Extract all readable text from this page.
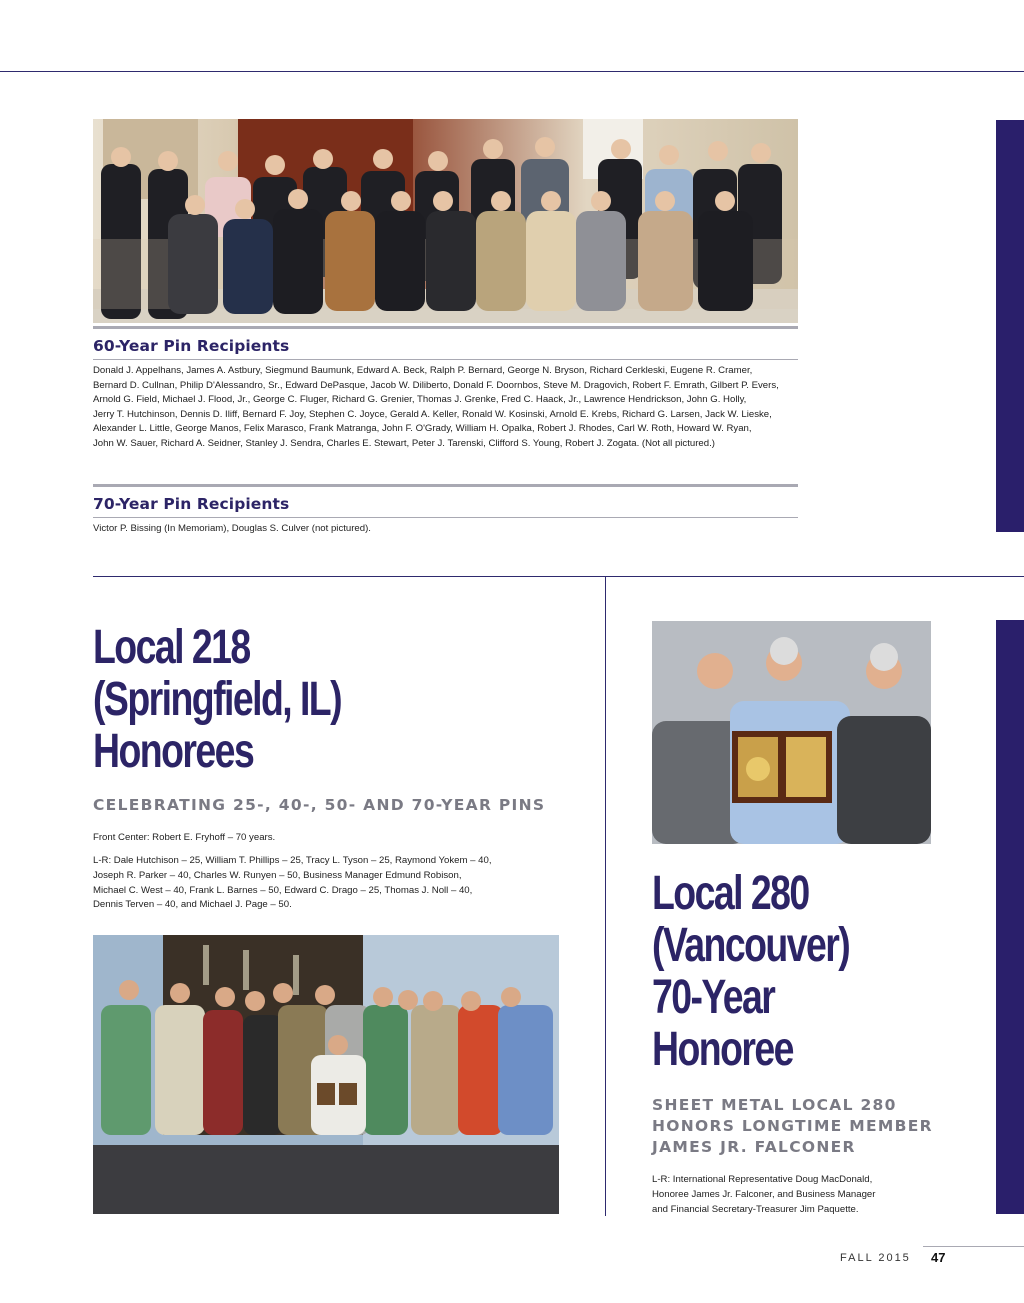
60-Year Pin Recipients
Donald J. Appelhans, James A. Astbury, Siegmund Baumunk, Edward A. Beck, Ralph P. Bernard, George N. Bryson, Richard Cerkleski, Eugene R. Cramer,
Bernard D. Cullnan, Philip D'Alessandro, Sr., Edward DePasque, Jacob W. Diliberto, Donald F. Doornbos, Steve M. Dragovich, Robert F. Emrath, Gilbert P. Evers,
Arnold G. Field, Michael J. Flood, Jr., George C. Fluger, Richard G. Grenier, Thomas J. Grenke, Fred C. Haack, Jr., Lawrence Hendrickson, John G. Holly,
Jerry T. Hutchinson, Dennis D. Iliff, Bernard F. Joy, Stephen C. Joyce, Gerald A. Keller, Ronald W. Kosinski, Arnold E. Krebs, Richard G. Larsen, Jack W. Lieske,
Alexander L. Little, George Manos, Felix Marasco, Frank Matranga, John F. O'Grady, William H. Opalka, Robert J. Rhodes, Carl W. Roth, Howard W. Ryan,
John W. Sauer, Richard A. Seidner, Stanley J. Sendra, Charles E. Stewart, Peter J. Tarenski, Clifford S. Young, Robert J. Zogata. (Not all pictured.)
70-Year Pin Recipients
Victor P. Bissing (In Memoriam), Douglas S. Culver (not pictured).
Local 218
(Springfield, IL)
Honorees
CELEBRATING 25-, 40-, 50- AND 70-YEAR PINS
Front Center: Robert E. Fryhoff – 70 years.
L-R: Dale Hutchison – 25, William T. Phillips – 25, Tracy L. Tyson – 25, Raymond Yokem – 40,
Joseph R. Parker – 40, Charles W. Runyen – 50, Business Manager Edmund Robison,
Michael C. West – 40, Frank L. Barnes – 50, Edward C. Drago – 25, Thomas J. Noll – 40,
Dennis Terven – 40, and Michael J. Page – 50.	Local 280
(Vancouver)
70-Year
Honoree
SHEET METAL LOCAL 280
HONORS LONGTIME MEMBER
JAMES JR. FALCONER
L-R: International Representative Doug MacDonald,
Honoree James Jr. Falconer, and Business Manager
and Financial Secretary-Treasurer Jim Paquette.
FALL 2015 47
